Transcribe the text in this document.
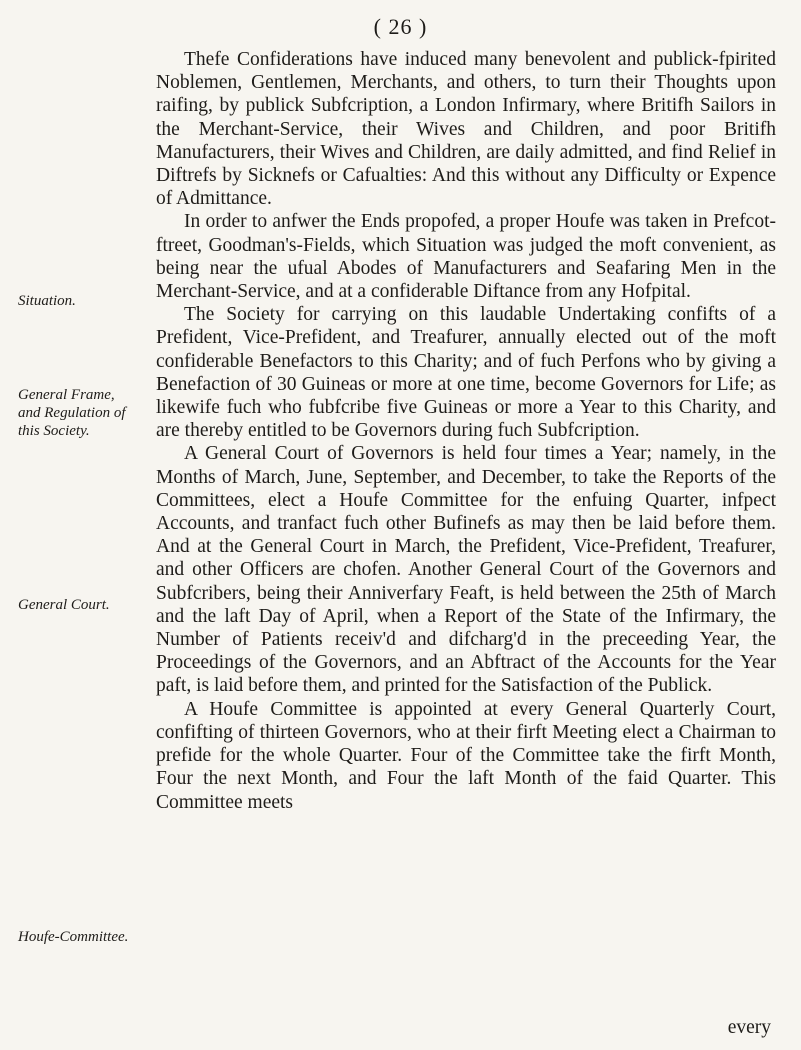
( 26 )
Situation.
General Frame, and Regulation of this Society.
General Court.
Houfe-Committee.

Thefe Confiderations have induced many benevolent and publick-fpirited Noblemen, Gentlemen, Merchants, and others, to turn their Thoughts upon raifing, by publick Subfcription, a London Infirmary, where Britifh Sailors in the Merchant-Service, their Wives and Children, and poor Britifh Manufacturers, their Wives and Children, are daily admitted, and find Relief in Diftrefs by Sicknefs or Cafualties: And this without any Difficulty or Expence of Admittance.

In order to anfwer the Ends propofed, a proper Houfe was taken in Prefcot-ftreet, Goodman's-Fields, which Situation was judged the moft convenient, as being near the ufual Abodes of Manufacturers and Seafaring Men in the Merchant-Service, and at a confiderable Diftance from any Hofpital.

The Society for carrying on this laudable Undertaking confifts of a Prefident, Vice-Prefident, and Treafurer, annually elected out of the moft confiderable Benefactors to this Charity; and of fuch Perfons who by giving a Benefaction of 30 Guineas or more at one time, become Governors for Life; as likewife fuch who fubfcribe five Guineas or more a Year to this Charity, and are thereby entitled to be Governors during fuch Subfcription.

A General Court of Governors is held four times a Year; namely, in the Months of March, June, September, and December, to take the Reports of the Committees, elect a Houfe Committee for the enfuing Quarter, infpect Accounts, and tranfact fuch other Bufinefs as may then be laid before them. And at the General Court in March, the Prefident, Vice-Prefident, Treafurer, and other Officers are chofen. Another General Court of the Governors and Subfcribers, being their Anniverfary Feaft, is held between the 25th of March and the laft Day of April, when a Report of the State of the Infirmary, the Number of Patients receiv'd and difcharg'd in the preceeding Year, the Proceedings of the Governors, and an Abftract of the Accounts for the Year paft, is laid before them, and printed for the Satisfaction of the Publick.

A Houfe Committee is appointed at every General Quarterly Court, confifting of thirteen Governors, who at their firft Meeting elect a Chairman to prefide for the whole Quarter. Four of the Committee take the firft Month, Four the next Month, and Four the laft Month of the faid Quarter. This Committee meets

every
